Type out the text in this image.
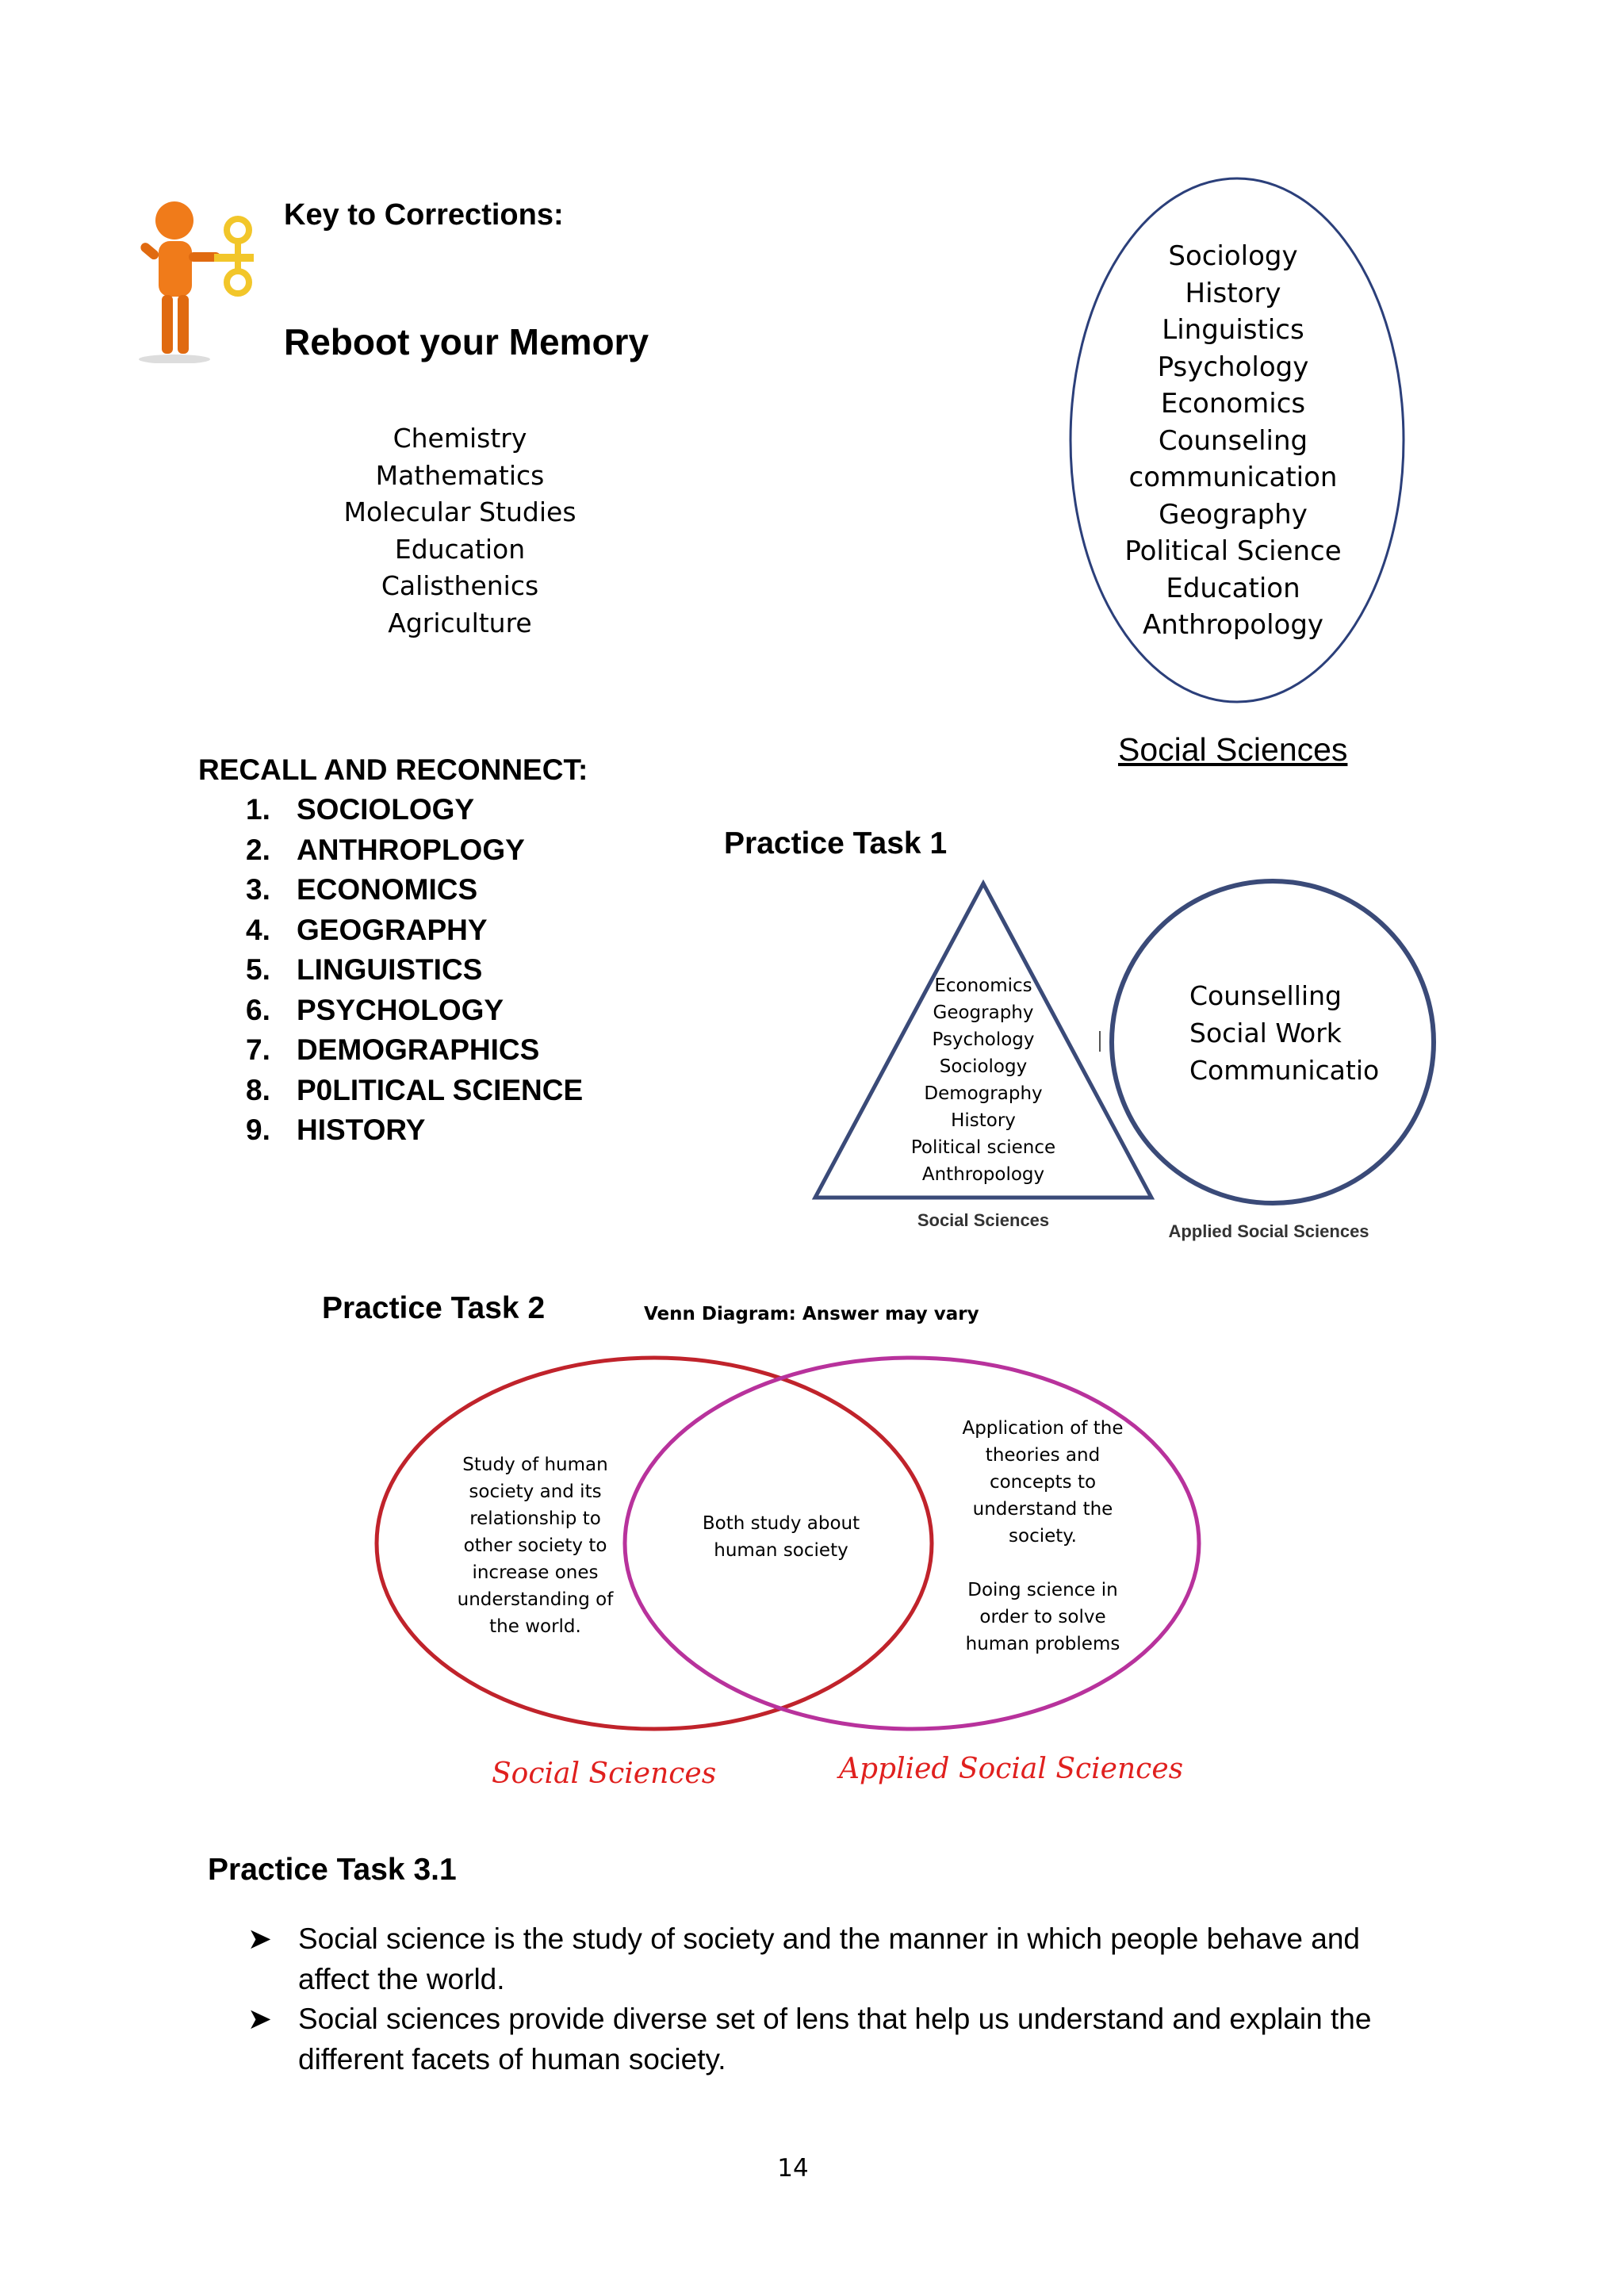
Key to Corrections:
Reboot your Memory
Chemistry
Mathematics
Molecular Studies
Education
Calisthenics
Agriculture
Sociology
History
Linguistics
Psychology
Economics
Counseling
communication
Geography
Political Science
Education
Anthropology
Social Sciences
RECALL AND RECONNECT:
1. SOCIOLOGY
2. ANTHROPLOGY
3. ECONOMICS
4. GEOGRAPHY
5. LINGUISTICS
6. PSYCHOLOGY
7. DEMOGRAPHICS
8. P0LITICAL SCIENCE
9. HISTORY
Practice Task 1
Economics
Geography
Psychology
Sociology
Demography
History
Political science
Anthropology
Social Sciences
Counselling
Social Work
Communicatio
Applied Social Sciences
Practice Task 2	Venn Diagram: Answer may vary
Study of human society and its relationship to other society to increase ones understanding of the world.
Both study about human society
Application of the theories and concepts to understand the society.

Doing science in order to solve human problems
Social Sciences	Applied Social Sciences
Practice Task 3.1
➤ Social science is the study of society and the manner in which people behave and affect the world.
➤ Social sciences provide diverse set of lens that help us understand and explain the different facets of human society.
14
